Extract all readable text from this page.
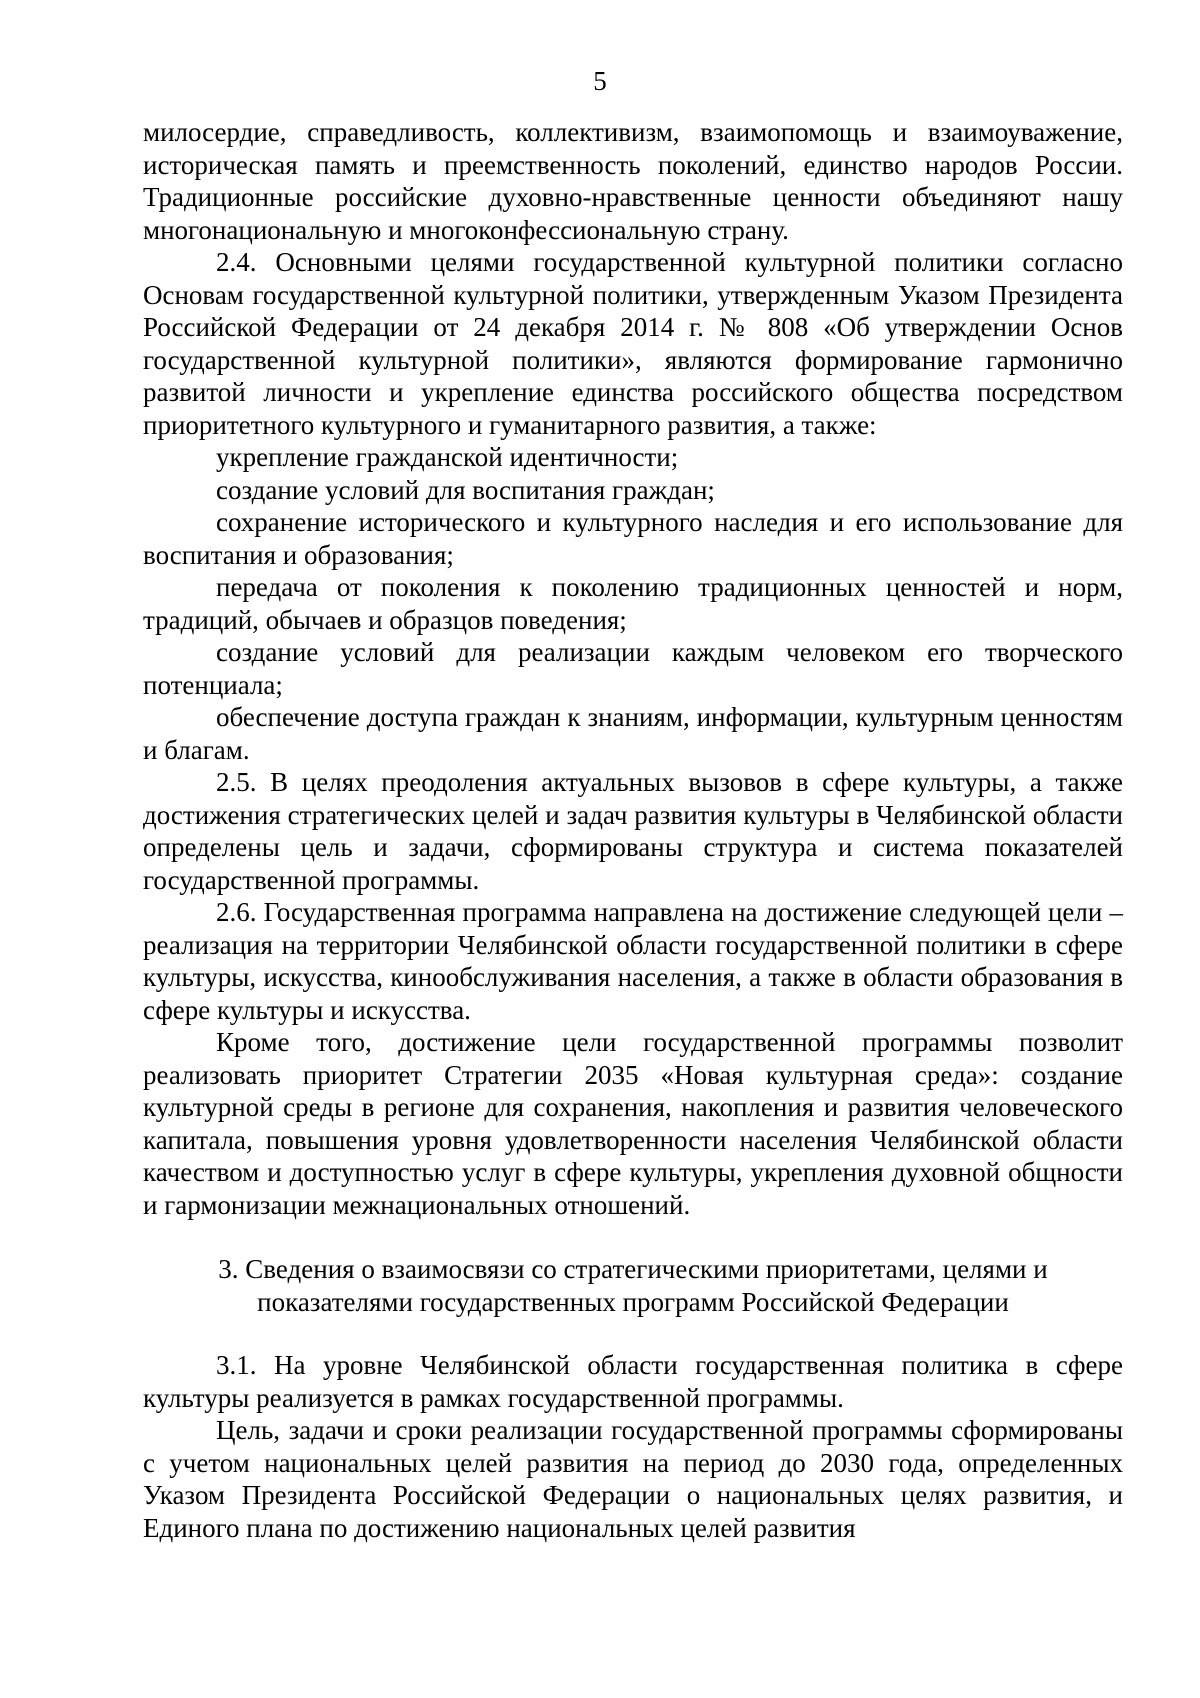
5

милосердие, справедливость, коллективизм, взаимопомощь и взаимоуважение, историческая память и преемственность поколений, единство народов России. Традиционные российские духовно-нравственные ценности объединяют нашу многонациональную и многоконфессиональную страну.

2.4. Основными целями государственной культурной политики согласно Основам государственной культурной политики, утвержденным Указом Президента Российской Федерации от 24 декабря 2014 г. № 808 «Об утверждении Основ государственной культурной политики», являются формирование гармонично развитой личности и укрепление единства российского общества посредством приоритетного культурного и гуманитарного развития, а также:

укрепление гражданской идентичности;

создание условий для воспитания граждан;

сохранение исторического и культурного наследия и его использование для воспитания и образования;

передача от поколения к поколению традиционных ценностей и норм, традиций, обычаев и образцов поведения;

создание условий для реализации каждым человеком его творческого потенциала;

обеспечение доступа граждан к знаниям, информации, культурным ценностям и благам.

2.5. В целях преодоления актуальных вызовов в сфере культуры, а также достижения стратегических целей и задач развития культуры в Челябинской области определены цель и задачи, сформированы структура и система показателей государственной программы.

2.6. Государственная программа направлена на достижение следующей цели – реализация на территории Челябинской области государственной политики в сфере культуры, искусства, кинообслуживания населения, а также в области образования в сфере культуры и искусства.

Кроме того, достижение цели государственной программы позволит реализовать приоритет Стратегии 2035 «Новая культурная среда»: создание культурной среды в регионе для сохранения, накопления и развития человеческого капитала, повышения уровня удовлетворенности населения Челябинской области качеством и доступностью услуг в сфере культуры, укрепления духовной общности и гармонизации межнациональных отношений.

3. Сведения о взаимосвязи со стратегическими приоритетами, целями и показателями государственных программ Российской Федерации

3.1. На уровне Челябинской области государственная политика в сфере культуры реализуется в рамках государственной программы.

Цель, задачи и сроки реализации государственной программы сформированы с учетом национальных целей развития на период до 2030 года, определенных Указом Президента Российской Федерации о национальных целях развития, и Единого плана по достижению национальных целей развития
